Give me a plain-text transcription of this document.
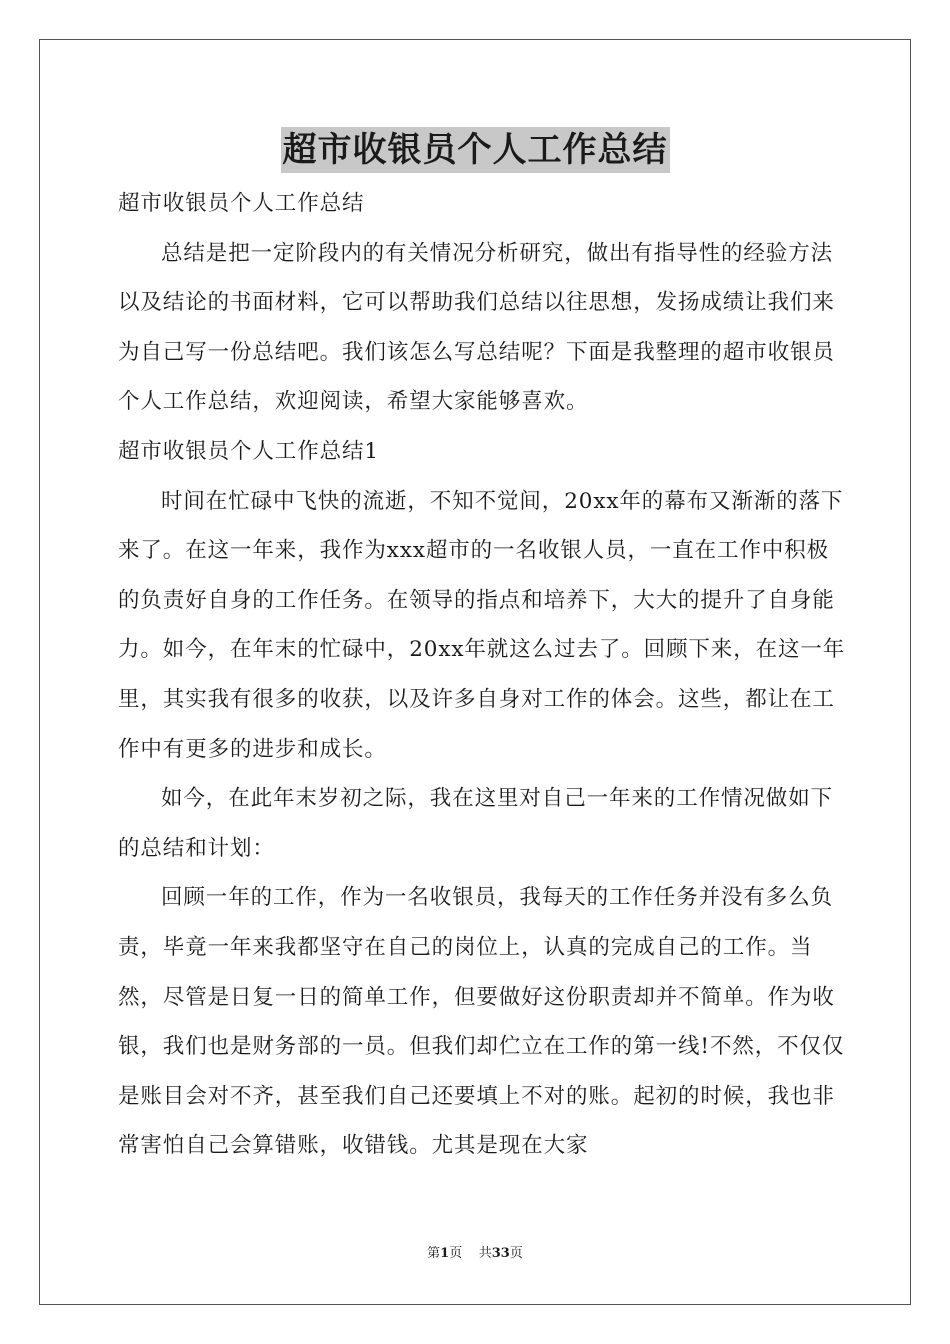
超市收银员个人工作总结

超市收银员个人工作总结

总结是把一定阶段内的有关情况分析研究，做出有指导性的经验方法以及结论的书面材料，它可以帮助我们总结以往思想，发扬成绩让我们来为自己写一份总结吧。我们该怎么写总结呢？下面是我整理的超市收银员个人工作总结，欢迎阅读，希望大家能够喜欢。

超市收银员个人工作总结1

时间在忙碌中飞快的流逝，不知不觉间，20xx年的幕布又渐渐的落下来了。在这一年来，我作为xxx超市的一名收银人员，一直在工作中积极的负责好自身的工作任务。在领导的指点和培养下，大大的提升了自身能力。如今，在年末的忙碌中，20xx年就这么过去了。回顾下来，在这一年里，其实我有很多的收获，以及许多自身对工作的体会。这些，都让在工作中有更多的进步和成长。

如今，在此年末岁初之际，我在这里对自己一年来的工作情况做如下的总结和计划：

回顾一年的工作，作为一名收银员，我每天的工作任务并没有多么负责，毕竟一年来我都坚守在自己的岗位上，认真的完成自己的工作。当然，尽管是日复一日的简单工作，但要做好这份职责却并不简单。作为收银，我们也是财务部的一员。但我们却伫立在工作的第一线!不然，不仅仅是账目会对不齐，甚至我们自己还要填上不对的账。起初的时候，我也非常害怕自己会算错账，收错钱。尤其是现在大家

第1页    共33页
